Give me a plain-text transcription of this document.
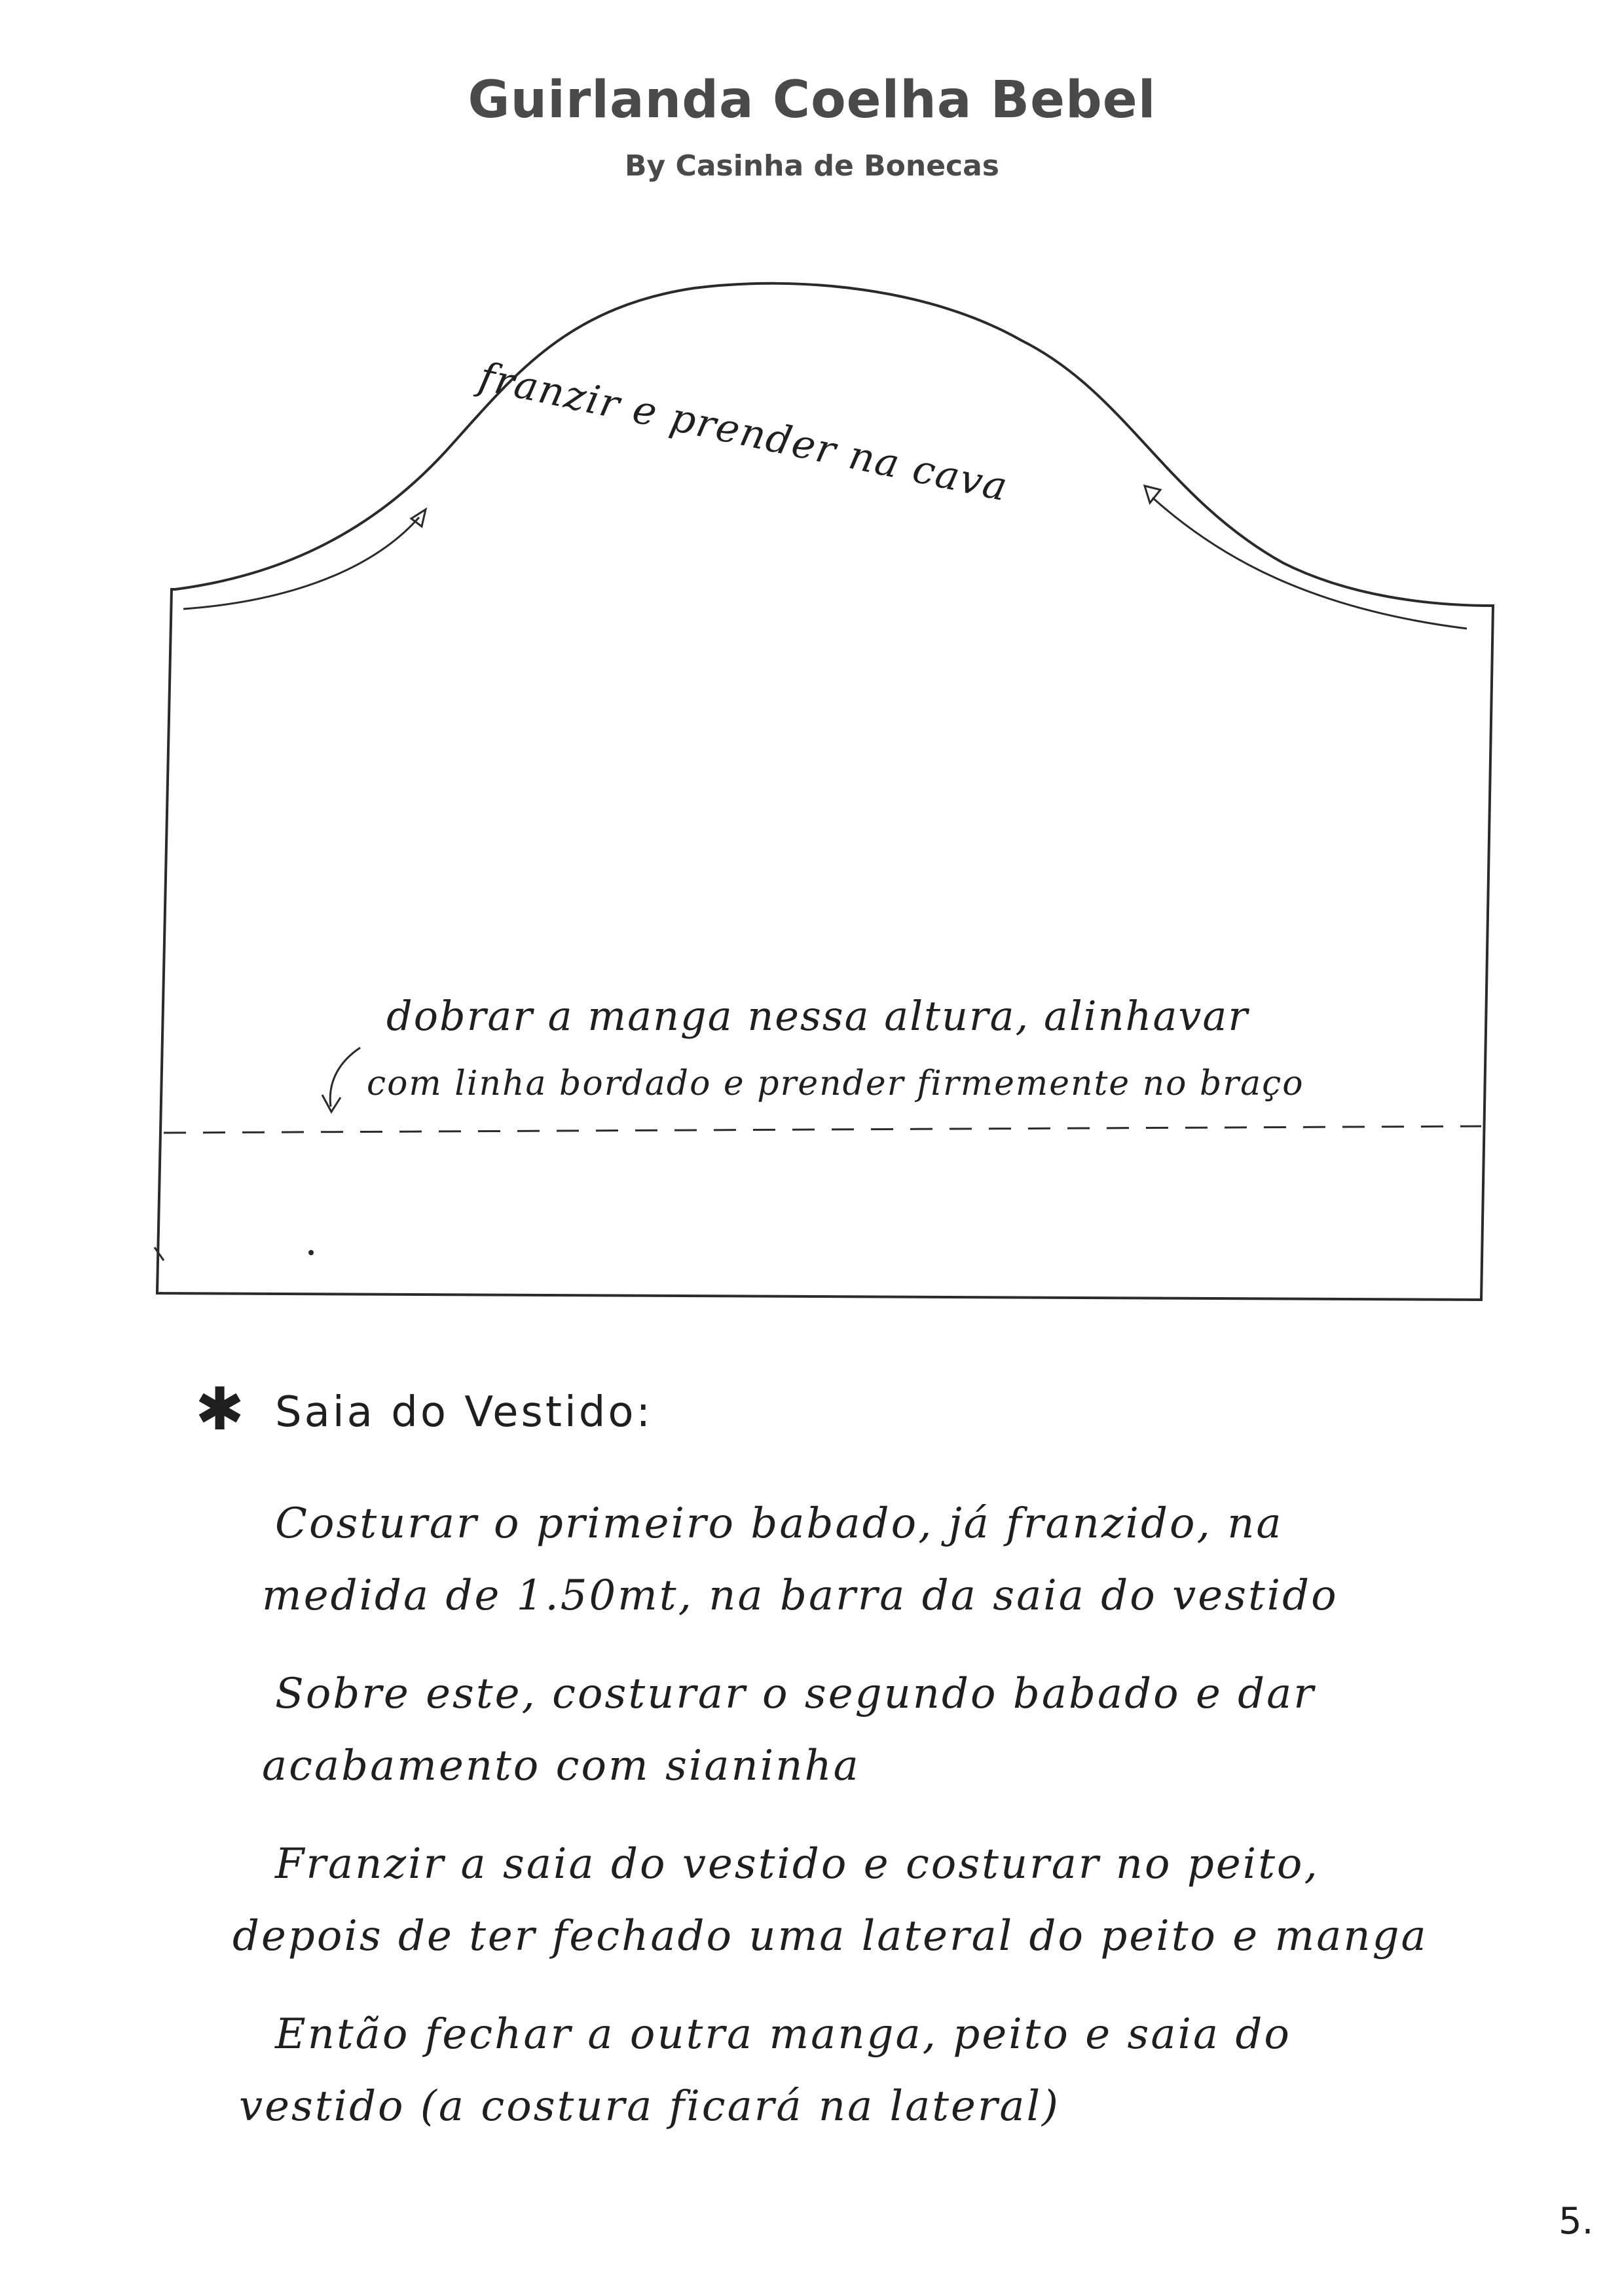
Guirlanda Coelha Bebel
By Casinha de Bonecas
franzir e prender na cava
dobrar a manga nessa altura, alinhavar
com linha bordado e prender firmemente no braço
✱ Saia do Vestido:
Costurar o primeiro babado, já franzido, na
medida de 1.50mt, na barra da saia do vestido
Sobre este, costurar o segundo babado e dar
acabamento com sianinha
Franzir a saia do vestido e costurar no peito,
depois de ter fechado uma lateral do peito e manga
Então fechar a outra manga, peito e saia do
vestido (a costura ficará na lateral)
5.
